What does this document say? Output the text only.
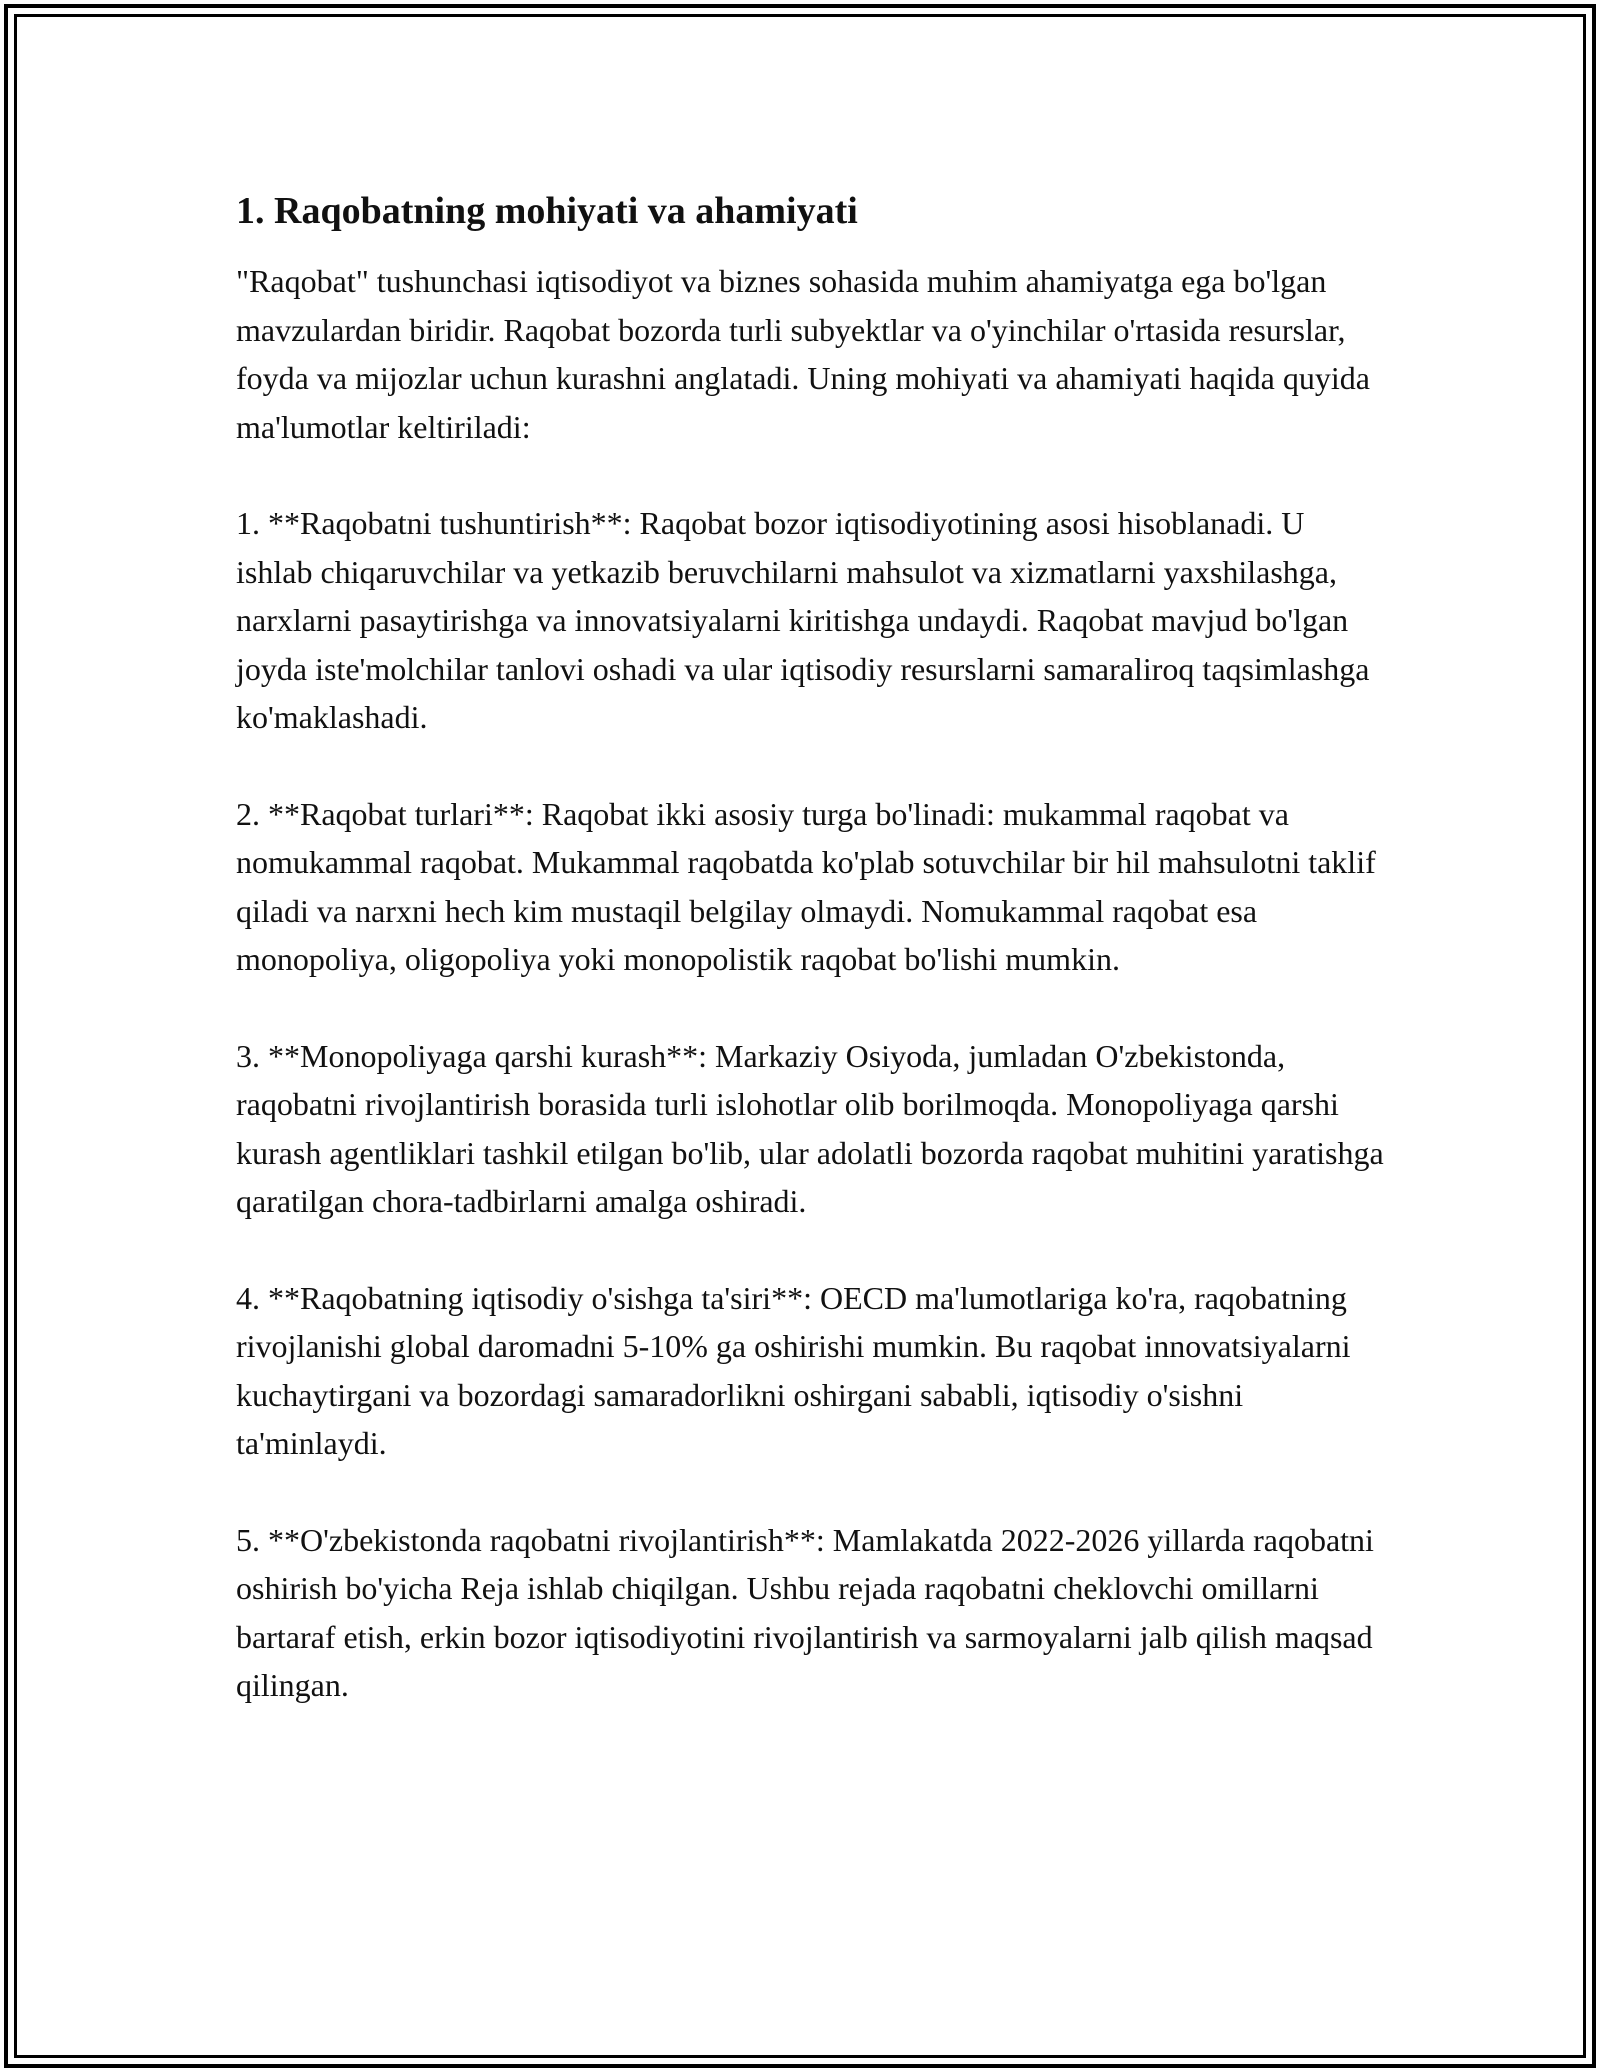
1. Raqobatning mohiyati va ahamiyati

"Raqobat" tushunchasi iqtisodiyot va biznes sohasida muhim ahamiyatga ega bo'lgan mavzulardan biridir. Raqobat bozorda turli subyektlar va o'yinchilar o'rtasida resurslar, foyda va mijozlar uchun kurashni anglatadi. Uning mohiyati va ahamiyati haqida quyida ma'lumotlar keltiriladi:

1. **Raqobatni tushuntirish**: Raqobat bozor iqtisodiyotining asosi hisoblanadi. U ishlab chiqaruvchilar va yetkazib beruvchilarni mahsulot va xizmatlarni yaxshilashga, narxlarni pasaytirishga va innovatsiyalarni kiritishga undaydi. Raqobat mavjud bo'lgan joyda iste'molchilar tanlovi oshadi va ular iqtisodiy resurslarni samaraliroq taqsimlashga ko'maklashadi.

2. **Raqobat turlari**: Raqobat ikki asosiy turga bo'linadi: mukammal raqobat va nomukammal raqobat. Mukammal raqobatda ko'plab sotuvchilar bir hil mahsulotni taklif qiladi va narxni hech kim mustaqil belgilay olmaydi. Nomukammal raqobat esa monopoliya, oligopoliya yoki monopolistik raqobat bo'lishi mumkin.

3. **Monopoliyaga qarshi kurash**: Markaziy Osiyoda, jumladan O'zbekistonda, raqobatni rivojlantirish borasida turli islohotlar olib borilmoqda. Monopoliyaga qarshi kurash agentliklari tashkil etilgan bo'lib, ular adolatli bozorda raqobat muhitini yaratishga qaratilgan chora-tadbirlarni amalga oshiradi.

4. **Raqobatning iqtisodiy o'sishga ta'siri**: OECD ma'lumotlariga ko'ra, raqobatning rivojlanishi global daromadni 5-10% ga oshirishi mumkin. Bu raqobat innovatsiyalarni kuchaytirgani va bozordagi samaradorlikni oshirgani sababli, iqtisodiy o'sishni ta'minlaydi.

5. **O'zbekistonda raqobatni rivojlantirish**: Mamlakatda 2022-2026 yillarda raqobatni oshirish bo'yicha Reja ishlab chiqilgan. Ushbu rejada raqobatni cheklovchi omillarni bartaraf etish, erkin bozor iqtisodiyotini rivojlantirish va sarmoyalarni jalb qilish maqsad qilingan.
